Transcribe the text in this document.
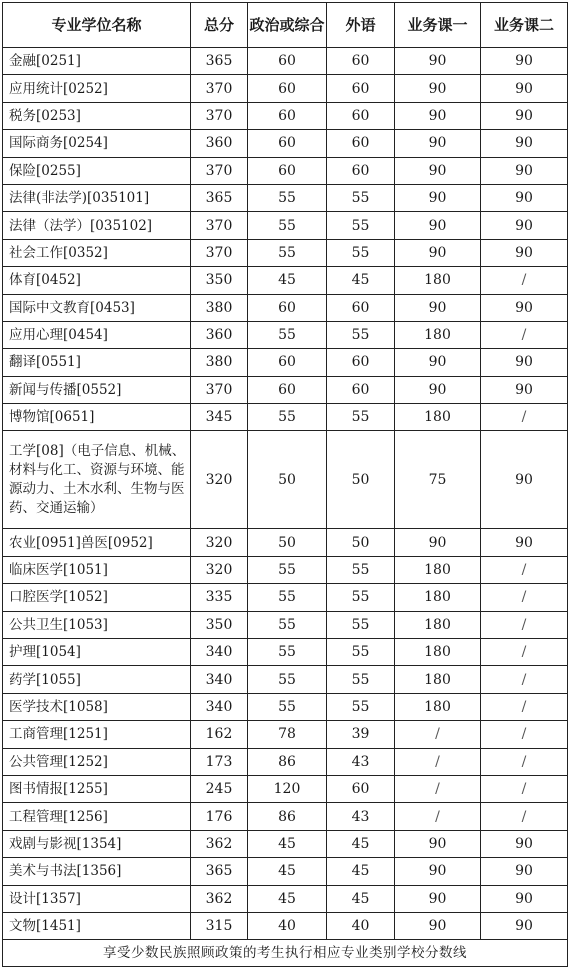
专业学位名称	总分	政治或综合	外语	业务课一	业务课二
金融[0251]	365	60	60	90	90
应用统计[0252]	370	60	60	90	90
税务[0253]	370	60	60	90	90
国际商务[0254]	360	60	60	90	90
保险[0255]	370	60	60	90	90
法律(非法学)[035101]	365	55	55	90	90
法律（法学）[035102]	370	55	55	90	90
社会工作[0352]	370	55	55	90	90
体育[0452]	350	45	45	180	/
国际中文教育[0453]	380	60	60	90	90
应用心理[0454]	360	55	55	180	/
翻译[0551]	380	60	60	90	90
新闻与传播[0552]	370	60	60	90	90
博物馆[0651]	345	55	55	180	/
工学[08]（电子信息、机械、材料与化工、资源与环境、能源动力、土木水利、生物与医药、交通运输）	320	50	50	75	90
农业[0951]兽医[0952]	320	50	50	90	90
临床医学[1051]	320	55	55	180	/
口腔医学[1052]	335	55	55	180	/
公共卫生[1053]	350	55	55	180	/
护理[1054]	340	55	55	180	/
药学[1055]	340	55	55	180	/
医学技术[1058]	340	55	55	180	/
工商管理[1251]	162	78	39	/	/
公共管理[1252]	173	86	43	/	/
图书情报[1255]	245	120	60	/	/
工程管理[1256]	176	86	43	/	/
戏剧与影视[1354]	362	45	45	90	90
美术与书法[1356]	365	45	45	90	90
设计[1357]	362	45	45	90	90
文物[1451]	315	40	40	90	90
享受少数民族照顾政策的考生执行相应专业类别学校分数线					
